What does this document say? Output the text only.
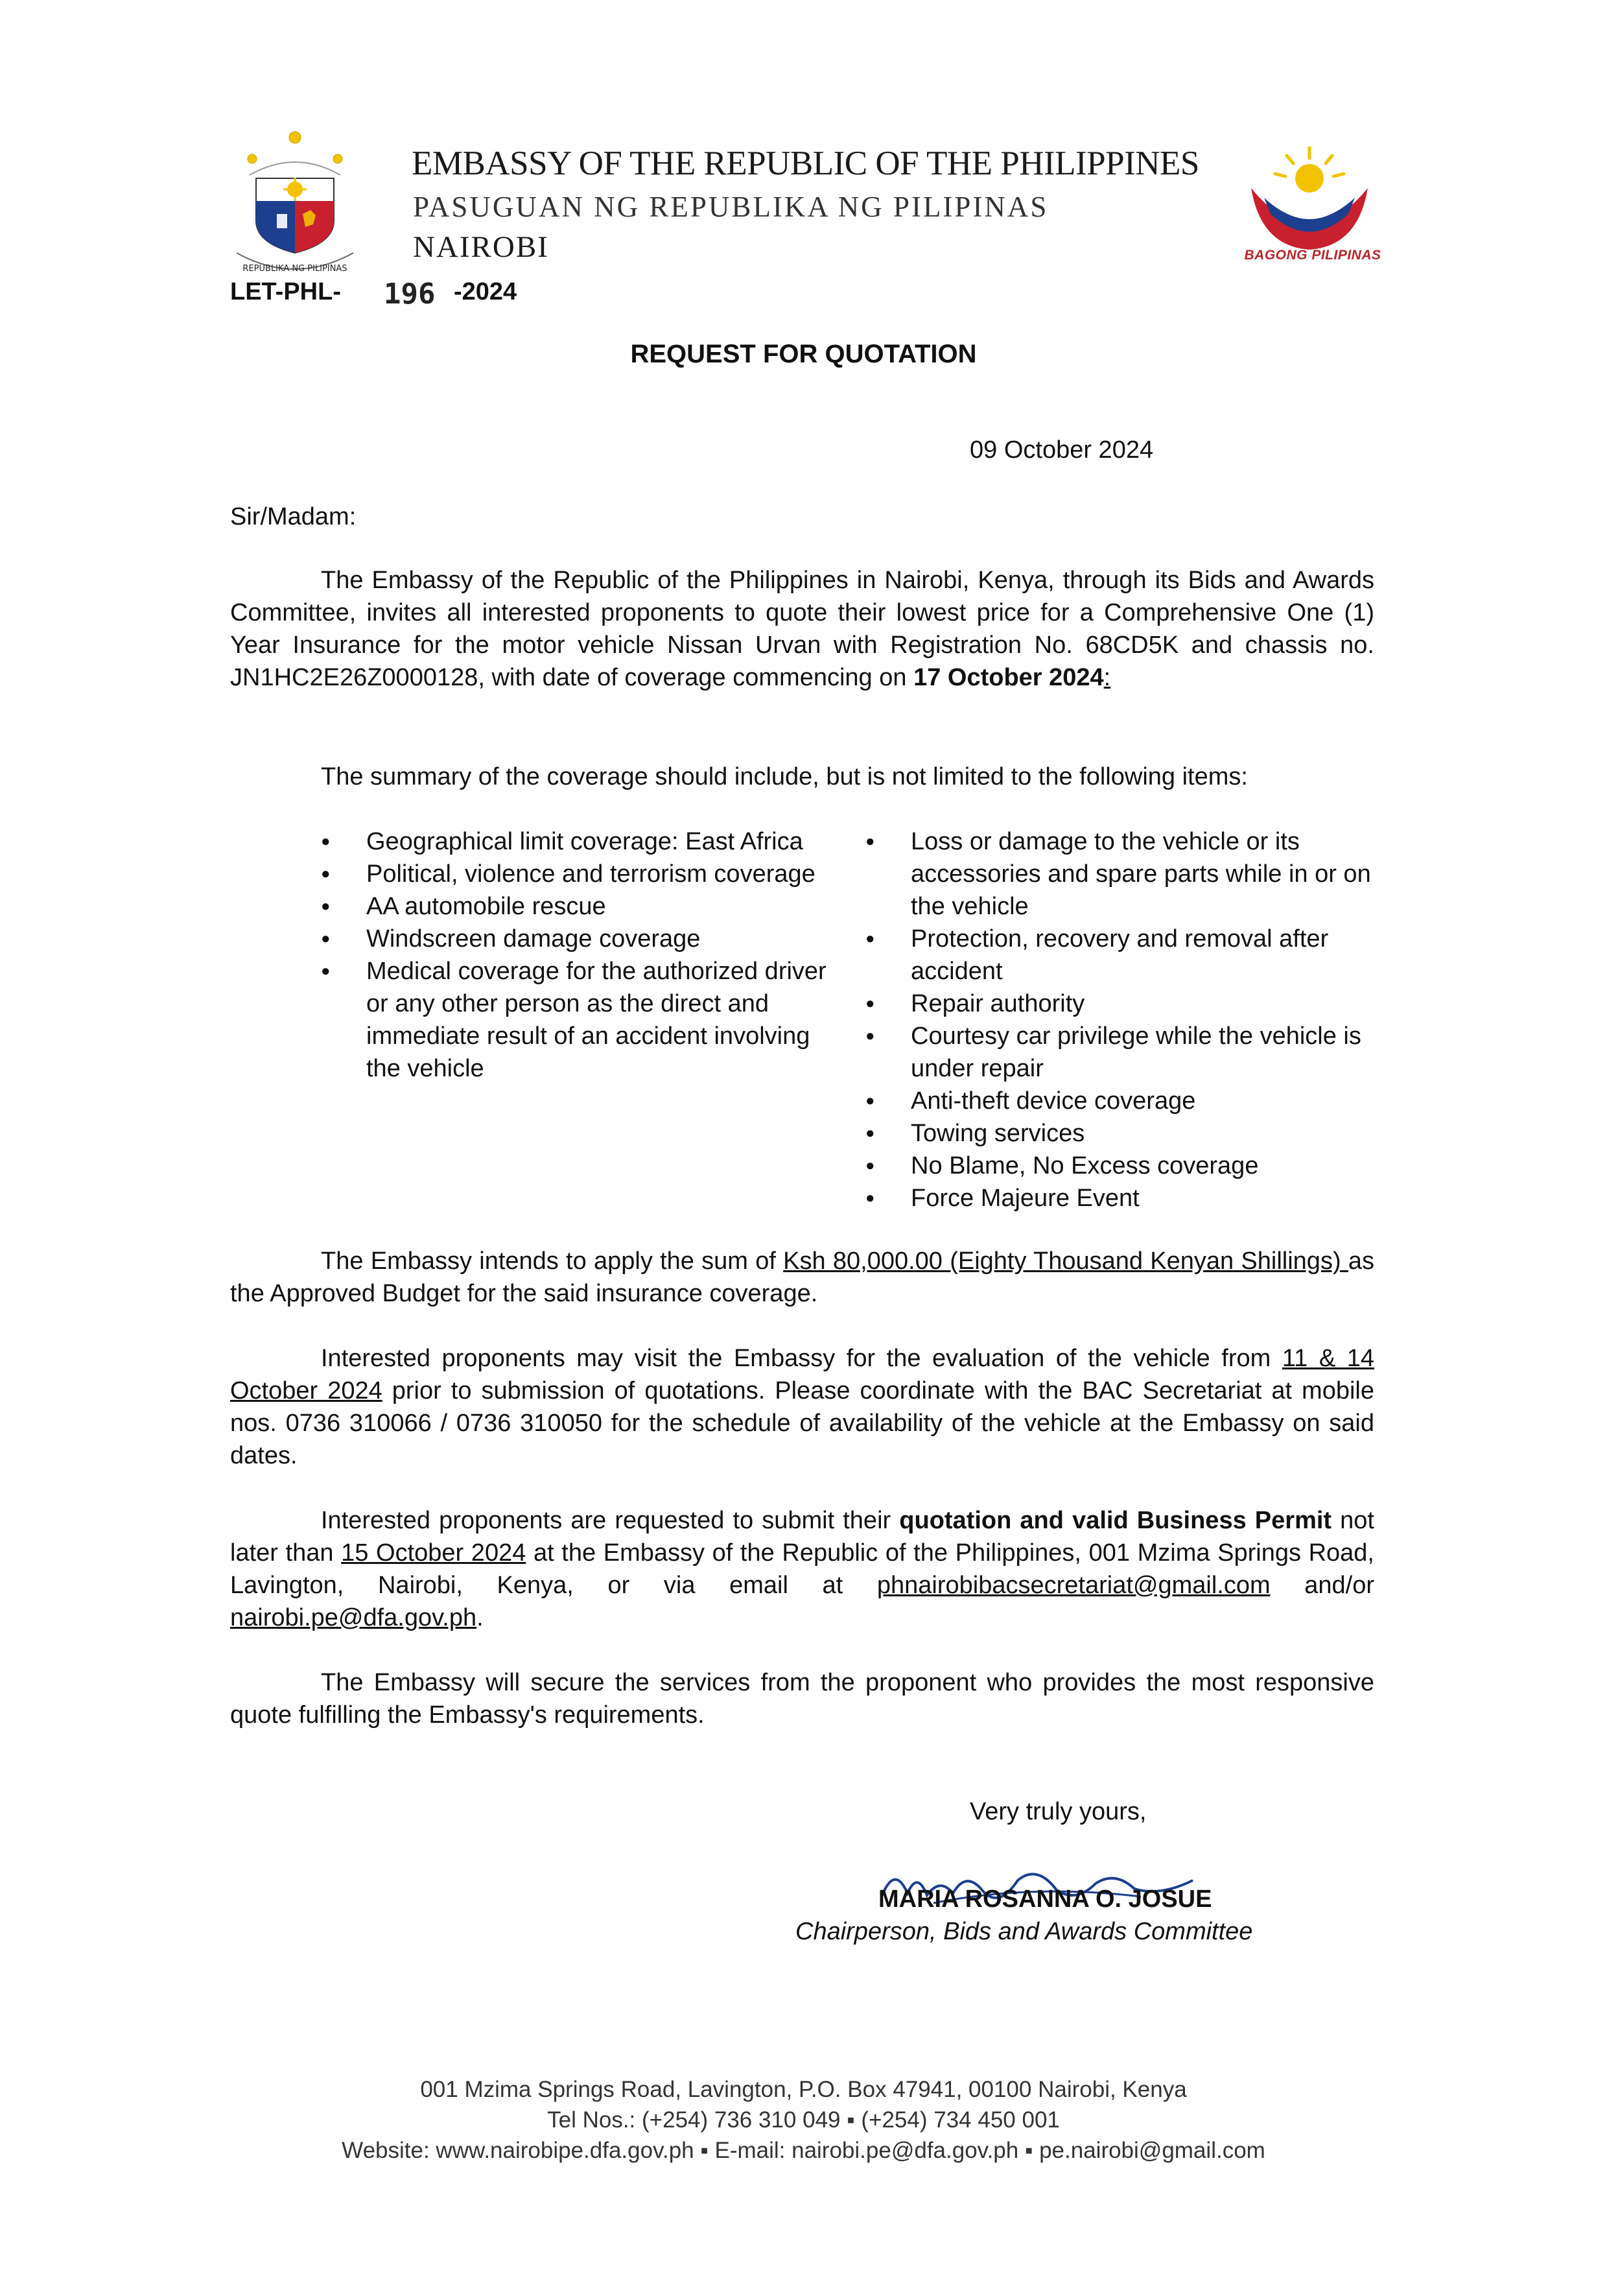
REPUBLIKA NG PILIPINAS
EMBASSY OF THE REPUBLIC OF THE PHILIPPINES
PASUGUAN NG REPUBLIKA NG PILIPINAS
NAIROBI	BAGONG PILIPINAS
LET-PHL- 196 -2024
REQUEST FOR QUOTATION
09 October 2024
Sir/Madam:

The Embassy of the Republic of the Philippines in Nairobi, Kenya, through its Bids and Awards Committee, invites all interested proponents to quote their lowest price for a Comprehensive One (1) Year Insurance for the motor vehicle Nissan Urvan with Registration No. 68CD5K and chassis no. JN1HC2E26Z0000128, with date of coverage commencing on 17 October 2024:

The summary of the coverage should include, but is not limited to the following items:

● Geographical limit coverage: East Africa
● Political, violence and terrorism coverage
● AA automobile rescue
● Windscreen damage coverage
● Medical coverage for the authorized driver or any other person as the direct and immediate result of an accident involving the vehicle
● Loss or damage to the vehicle or its accessories and spare parts while in or on the vehicle
● Protection, recovery and removal after accident
● Repair authority
● Courtesy car privilege while the vehicle is under repair
● Anti-theft device coverage
● Towing services
● No Blame, No Excess coverage
● Force Majeure Event

The Embassy intends to apply the sum of Ksh 80,000.00 (Eighty Thousand Kenyan Shillings) as the Approved Budget for the said insurance coverage.

Interested proponents may visit the Embassy for the evaluation of the vehicle from 11 & 14 October 2024 prior to submission of quotations. Please coordinate with the BAC Secretariat at mobile nos. 0736 310066 / 0736 310050 for the schedule of availability of the vehicle at the Embassy on said dates.

Interested proponents are requested to submit their quotation and valid Business Permit not later than 15 October 2024 at the Embassy of the Republic of the Philippines, 001 Mzima Springs Road, Lavington, Nairobi, Kenya, or via email at phnairobibacsecretariat@gmail.com and/or nairobi.pe@dfa.gov.ph.

The Embassy will secure the services from the proponent who provides the most responsive quote fulfilling the Embassy's requirements.

Very truly yours,
MARIA ROSANNA O. JOSUE
Chairperson, Bids and Awards Committee
001 Mzima Springs Road, Lavington, P.O. Box 47941, 00100 Nairobi, Kenya
Tel Nos.: (+254) 736 310 049 ▪ (+254) 734 450 001
Website: www.nairobipe.dfa.gov.ph ▪ E-mail: nairobi.pe@dfa.gov.ph ▪ pe.nairobi@gmail.com
